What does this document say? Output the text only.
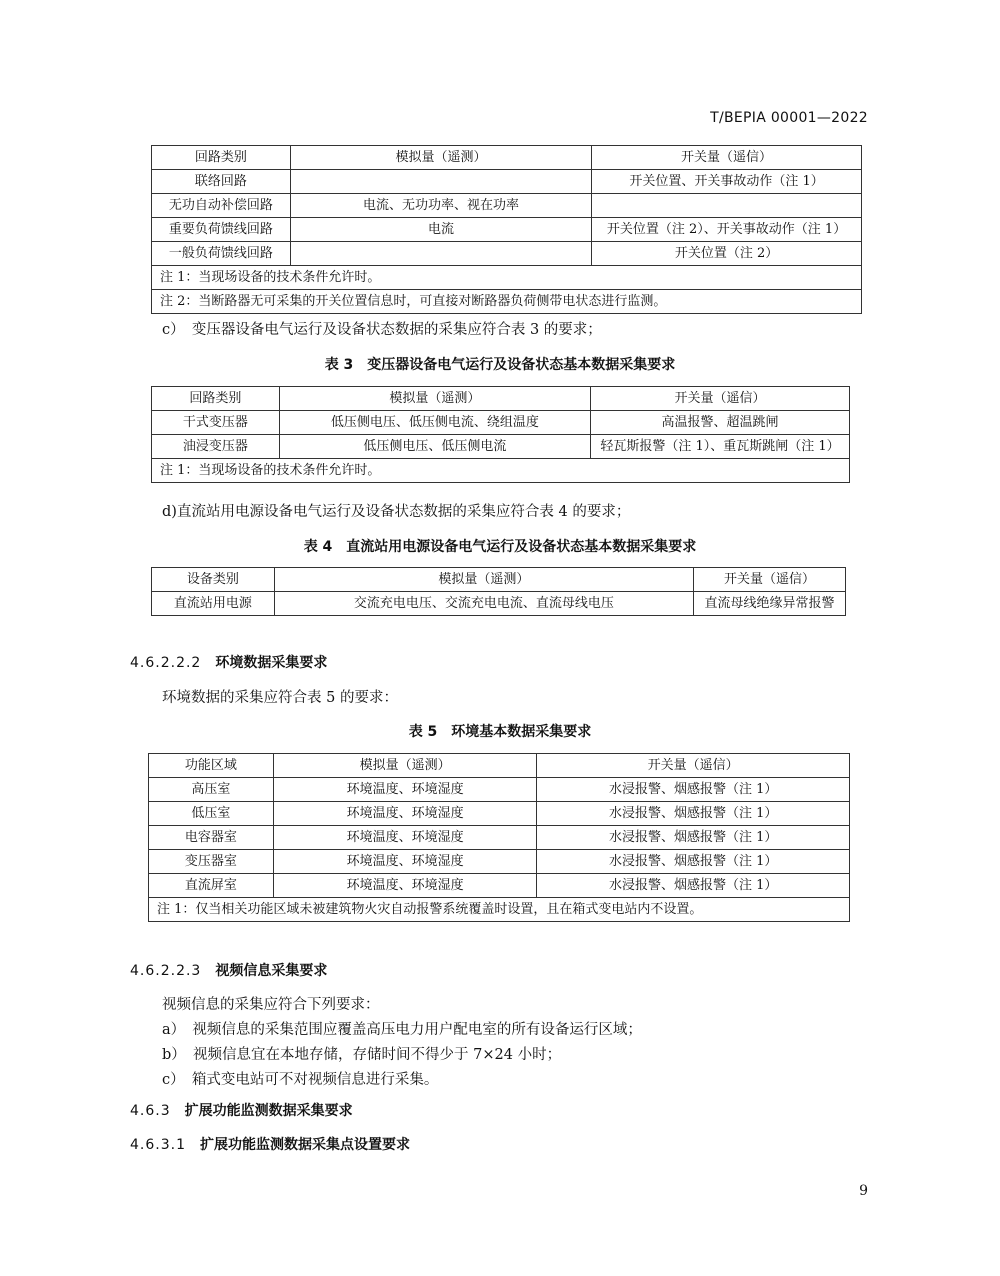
T/BEPIA 00001—2022
回路类别	模拟量（遥测）	开关量（遥信）
联络回路		开关位置、开关事故动作（注 1）
无功自动补偿回路	电流、无功功率、视在功率	
重要负荷馈线回路	电流	开关位置（注 2）、开关事故动作（注 1）
一般负荷馈线回路		开关位置（注 2）
注 1：当现场设备的技术条件允许时。		
注 2：当断路器无可采集的开关位置信息时，可直接对断路器负荷侧带电状态进行监测。		
c）　变压器设备电气运行及设备状态数据的采集应符合表 3 的要求；
表 3　变压器设备电气运行及设备状态基本数据采集要求
回路类别	模拟量（遥测）	开关量（遥信）
干式变压器	低压侧电压、低压侧电流、绕组温度	高温报警、超温跳闸
油浸变压器	低压侧电压、低压侧电流	轻瓦斯报警（注 1）、重瓦斯跳闸（注 1）
注 1：当现场设备的技术条件允许时。		
d)直流站用电源设备电气运行及设备状态数据的采集应符合表 4 的要求；
表 4　直流站用电源设备电气运行及设备状态基本数据采集要求
设备类别	模拟量（遥测）	开关量（遥信）
直流站用电源	交流充电电压、交流充电电流、直流母线电压	直流母线绝缘异常报警
4.6.2.2.2 环境数据采集要求
环境数据的采集应符合表 5 的要求：
表 5　环境基本数据采集要求
功能区域	模拟量（遥测）	开关量（遥信）
高压室	环境温度、环境湿度	水浸报警、烟感报警（注 1）
低压室	环境温度、环境湿度	水浸报警、烟感报警（注 1）
电容器室	环境温度、环境湿度	水浸报警、烟感报警（注 1）
变压器室	环境温度、环境湿度	水浸报警、烟感报警（注 1）
直流屏室	环境温度、环境湿度	水浸报警、烟感报警（注 1）
注 1：仅当相关功能区域未被建筑物火灾自动报警系统覆盖时设置，且在箱式变电站内不设置。		
4.6.2.2.3 视频信息采集要求
视频信息的采集应符合下列要求：
a）　视频信息的采集范围应覆盖高压电力用户配电室的所有设备运行区域；
b）　视频信息宜在本地存储，存储时间不得少于 7×24 小时；
c）　箱式变电站可不对视频信息进行采集。
4.6.3 扩展功能监测数据采集要求
4.6.3.1 扩展功能监测数据采集点设置要求
9
